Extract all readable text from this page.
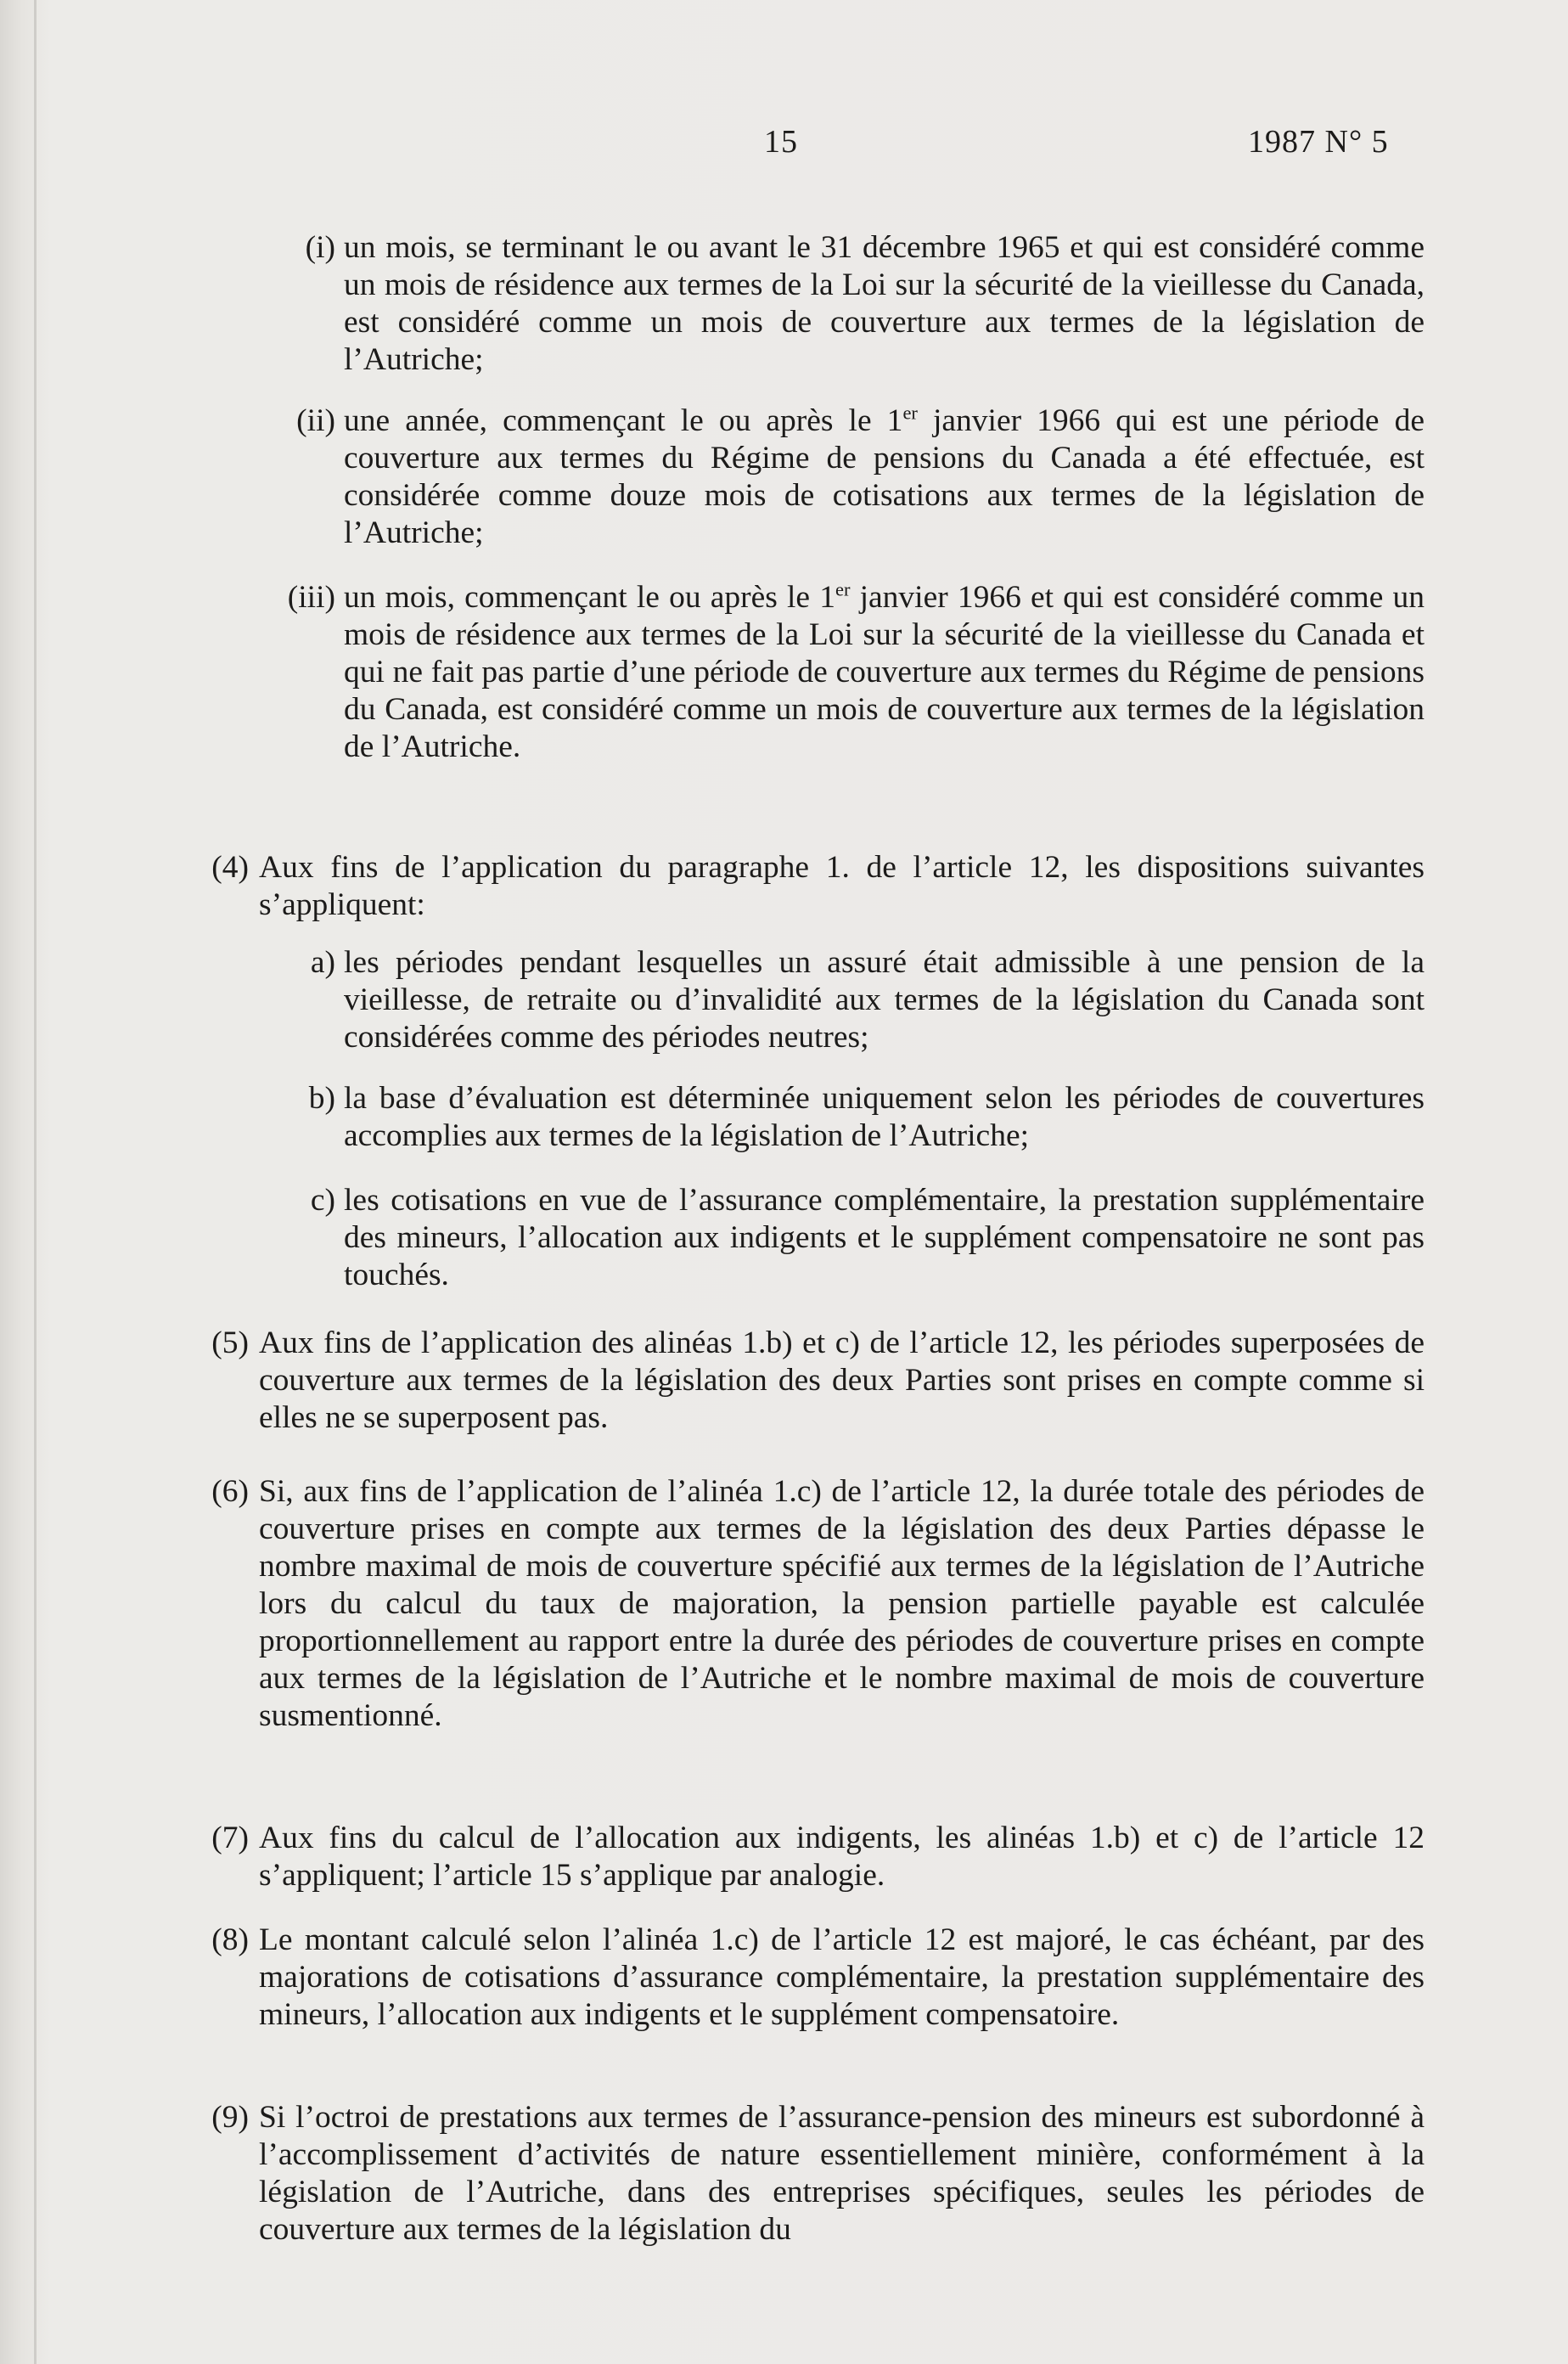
15	1987 N° 5
(i) un mois, se terminant le ou avant le 31 décembre 1965 et qui est considéré comme un mois de résidence aux termes de la Loi sur la sécurité de la vieillesse du Canada, est considéré comme un mois de couverture aux termes de la législation de l’Autriche;
(ii) une année, commençant le ou après le 1er janvier 1966 qui est une période de couverture aux termes du Régime de pensions du Canada a été effectuée, est considérée comme douze mois de cotisations aux termes de la législation de l’Autriche;
(iii) un mois, commençant le ou après le 1er janvier 1966 et qui est considéré comme un mois de résidence aux termes de la Loi sur la sécurité de la vieillesse du Canada et qui ne fait pas partie d’une période de couverture aux termes du Régime de pensions du Canada, est considéré comme un mois de couverture aux termes de la législation de l’Autriche.
(4) Aux fins de l’application du paragraphe 1. de l’article 12, les dispositions suivantes s’appliquent:
a) les périodes pendant lesquelles un assuré était admissible à une pension de la vieillesse, de retraite ou d’invalidité aux termes de la législation du Canada sont considérées comme des périodes neutres;
b) la base d’évaluation est déterminée uniquement selon les périodes de couvertures accomplies aux termes de la législation de l’Autriche;
c) les cotisations en vue de l’assurance complémentaire, la prestation supplémentaire des mineurs, l’allocation aux indigents et le supplément compensatoire ne sont pas touchés.
(5) Aux fins de l’application des alinéas 1.b) et c) de l’article 12, les périodes superposées de couverture aux termes de la législation des deux Parties sont prises en compte comme si elles ne se superposent pas.
(6) Si, aux fins de l’application de l’alinéa 1.c) de l’article 12, la durée totale des périodes de couverture prises en compte aux termes de la législation des deux Parties dépasse le nombre maximal de mois de couverture spécifié aux termes de la législation de l’Autriche lors du calcul du taux de majoration, la pension partielle payable est calculée proportionnellement au rapport entre la durée des périodes de couverture prises en compte aux termes de la législation de l’Autriche et le nombre maximal de mois de couverture susmentionné.
(7) Aux fins du calcul de l’allocation aux indigents, les alinéas 1.b) et c) de l’article 12 s’appliquent; l’article 15 s’applique par analogie.
(8) Le montant calculé selon l’alinéa 1.c) de l’article 12 est majoré, le cas échéant, par des majorations de cotisations d’assurance complémentaire, la prestation supplémentaire des mineurs, l’allocation aux indigents et le supplément compensatoire.
(9) Si l’octroi de prestations aux termes de l’assurance-pension des mineurs est subordonné à l’accomplissement d’activités de nature essentiellement minière, conformément à la législation de l’Autriche, dans des entreprises spécifiques, seules les périodes de couverture aux termes de la législation du
